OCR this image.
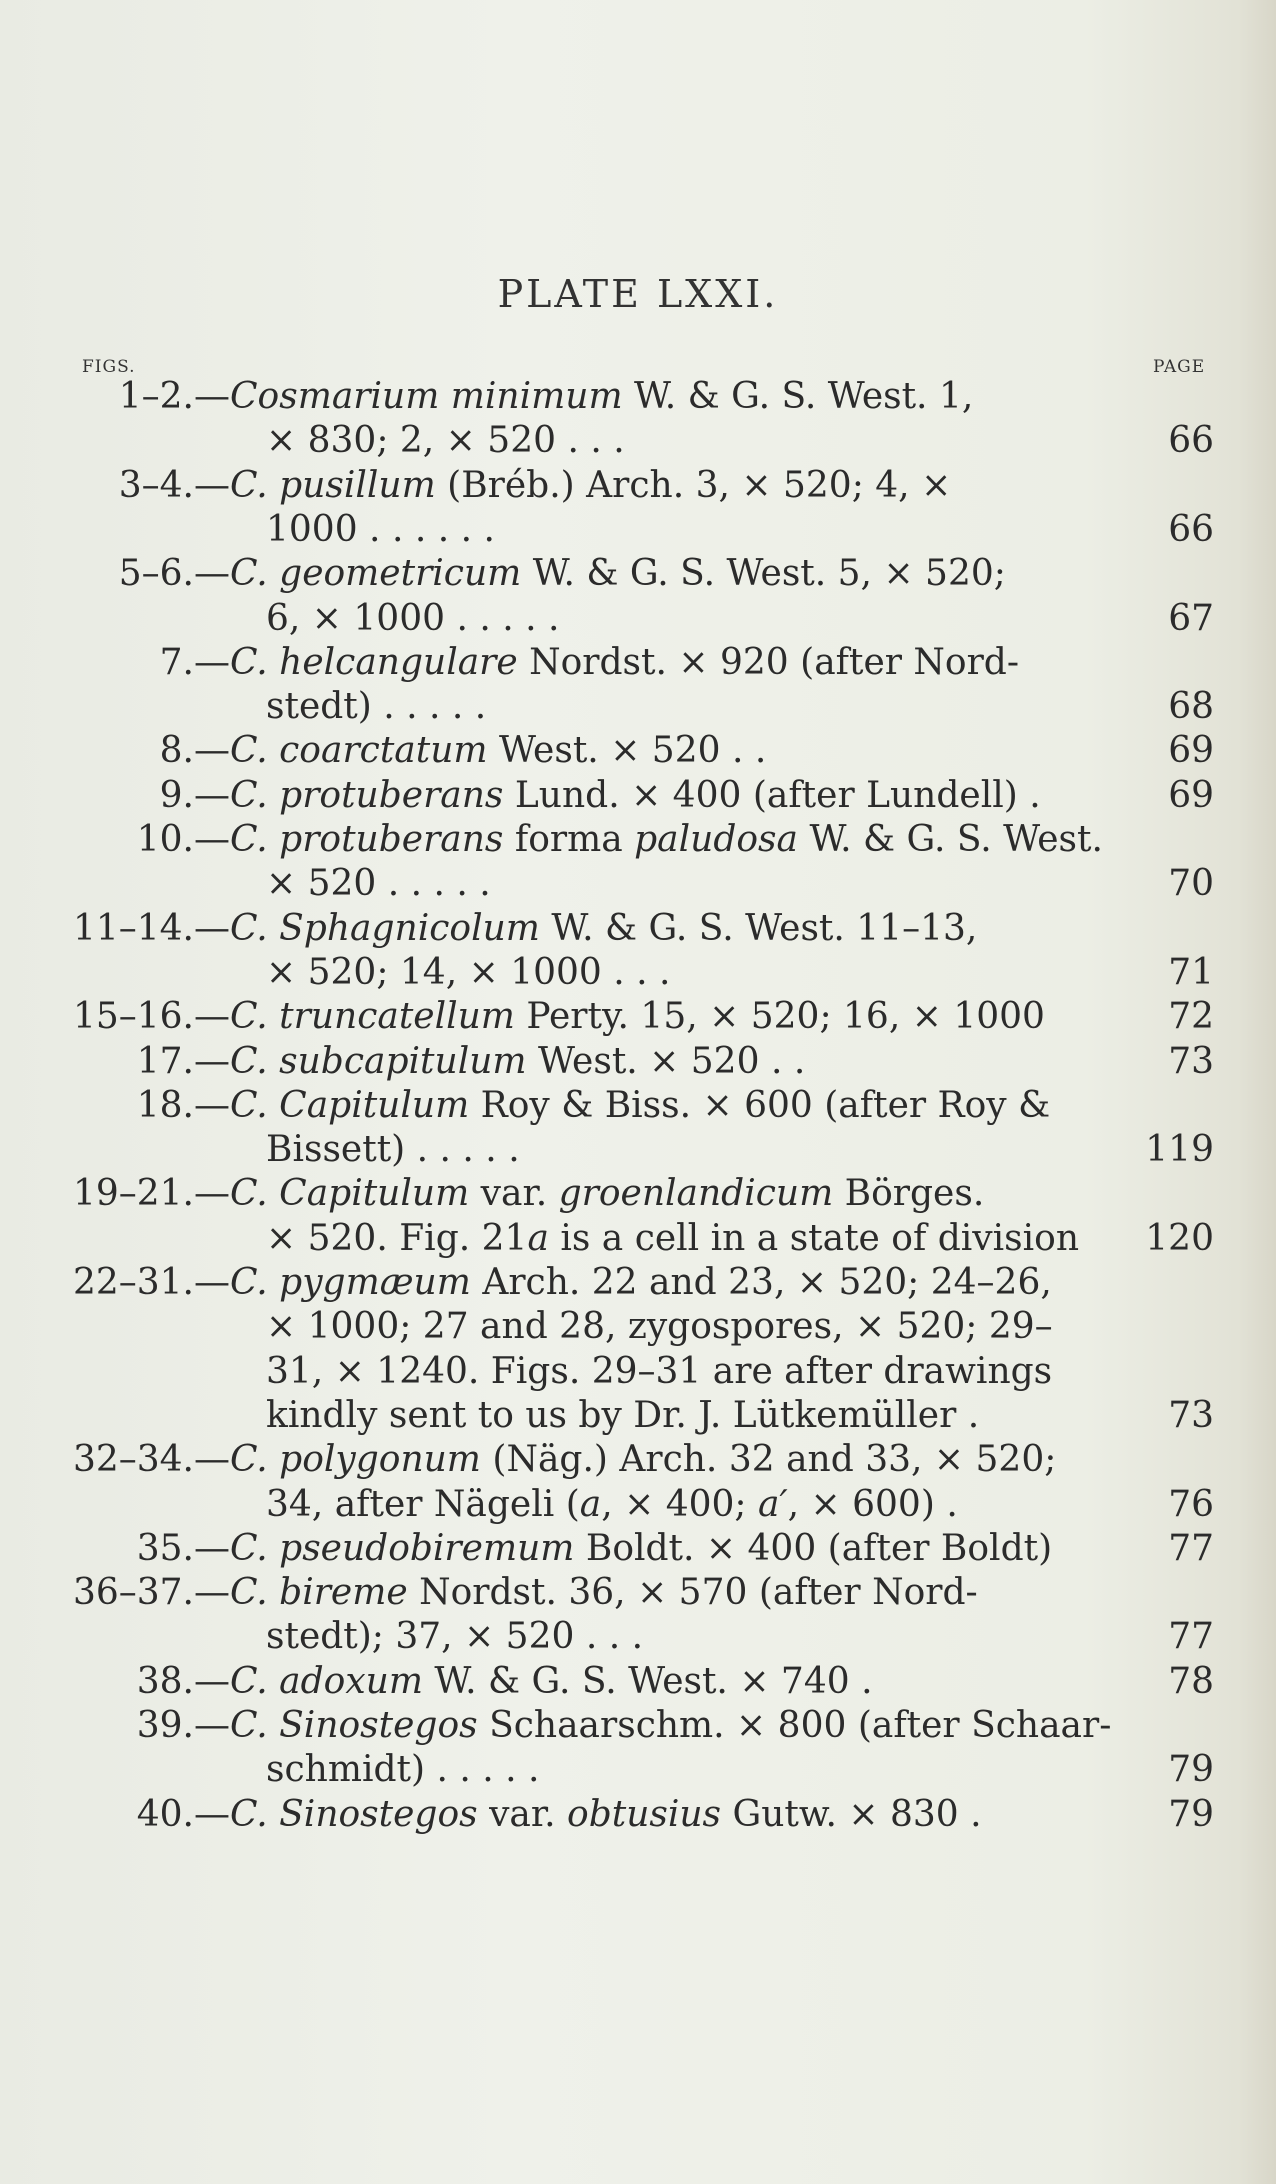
PLATE LXXI.
FIGS.	PAGE
1–2.— Cosmarium minimum W. & G. S. West. 1,
× 830; 2, × 520 . . .	66
3–4.— C. pusillum (Bréb.) Arch. 3, × 520; 4, ×
1000 . . . . . .	66
5–6.— C. geometricum W. & G. S. West. 5, × 520;
6, × 1000 . . . . .	67
7.— C. helcangulare Nordst. × 920 (after Nord-
stedt) . . . . .	68
8.— C. coarctatum West. × 520 . .	69
9.— C. protuberans Lund. × 400 (after Lundell) .	69
10.— C. protuberans forma paludosa W. & G. S. West.
× 520 . . . . .	70
11–14.— C. Sphagnicolum W. & G. S. West. 11–13,
× 520; 14, × 1000 . . .	71
15–16.— C. truncatellum Perty. 15, × 520; 16, × 1000	72
17.— C. subcapitulum West. × 520 . .	73
18.— C. Capitulum Roy & Biss. × 600 (after Roy &
Bissett) . . . . .	119
19–21.— C. Capitulum var. groenlandicum Börges.
× 520. Fig. 21a is a cell in a state of division 120
22–31.— C. pygmæum Arch. 22 and 23, × 520; 24–26,
× 1000; 27 and 28, zygospores, × 520; 29–
31, × 1240. Figs. 29–31 are after drawings
kindly sent to us by Dr. J. Lütkemüller .	73
32–34.— C. polygonum (Näg.) Arch. 32 and 33, × 520;
34, after Nägeli (a, × 400; a′, × 600) .	76
35.— C. pseudobiremum Boldt. × 400 (after Boldt)	77
36–37.— C. bireme Nordst. 36, × 570 (after Nord-
stedt); 37, × 520 . . .	77
38.— C. adoxum W. & G. S. West. × 740 .	78
39.— C. Sinostegos Schaarschm. × 800 (after Schaar-
schmidt) . . . . .	79
40.— C. Sinostegos var. obtusius Gutw. × 830 .	79
